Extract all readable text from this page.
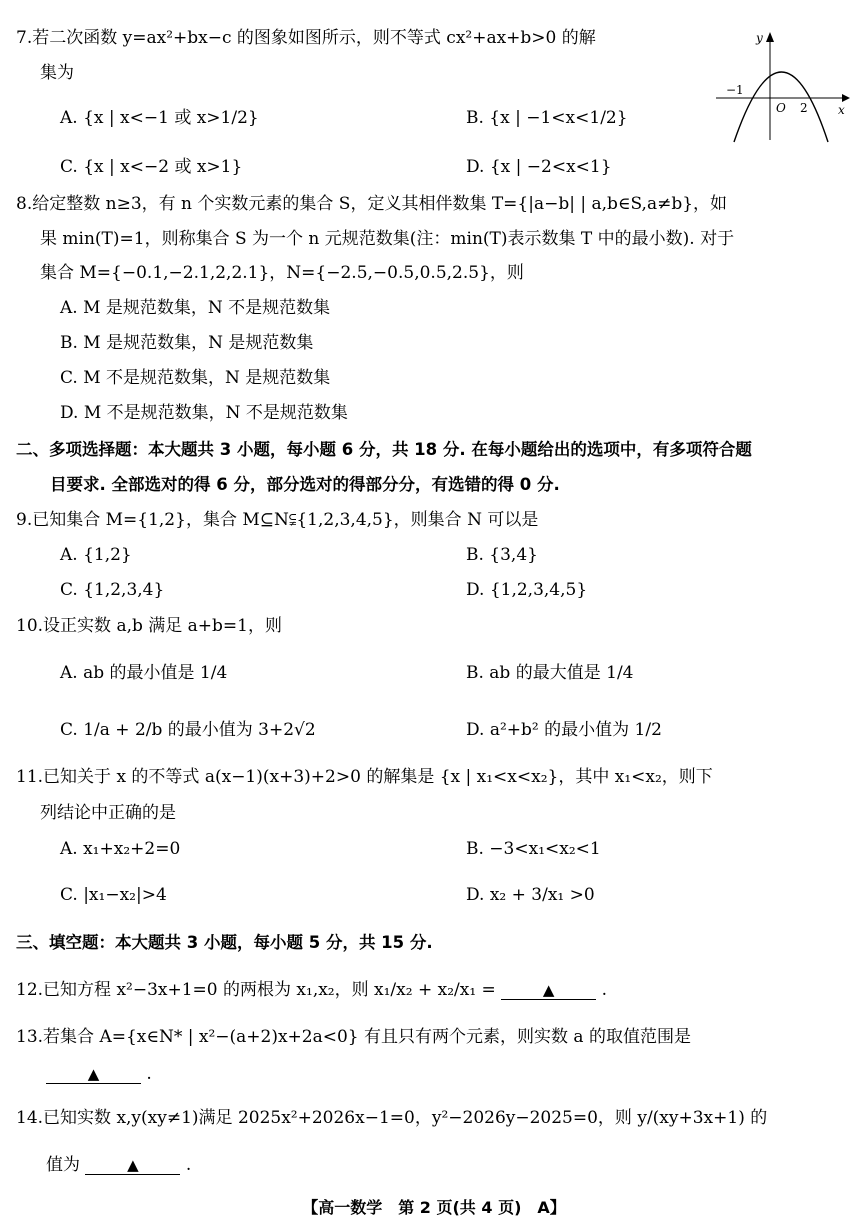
7.若二次函数 y=ax²+bx−c 的图象如图所示，则不等式 cx²+ax+b>0 的解
集为
A. {x | x<−1 或 x>1/2}	B. {x | −1<x<1/2}
C. {x | x<−2 或 x>1}	D. {x | −2<x<1}
y
x
O
−1
2
8.给定整数 n≥3，有 n 个实数元素的集合 S，定义其相伴数集 T={|a−b| | a,b∈S,a≠b}，如
果 min(T)=1，则称集合 S 为一个 n 元规范数集(注：min(T)表示数集 T 中的最小数). 对于
集合 M={−0.1,−2.1,2,2.1}，N={−2.5,−0.5,0.5,2.5}，则
A. M 是规范数集，N 不是规范数集
B. M 是规范数集，N 是规范数集
C. M 不是规范数集，N 是规范数集
D. M 不是规范数集，N 不是规范数集
二、多项选择题：本大题共 3 小题，每小题 6 分，共 18 分. 在每小题给出的选项中，有多项符合题
目要求. 全部选对的得 6 分，部分选对的得部分分，有选错的得 0 分.
9.已知集合 M={1,2}，集合 M⊆N⫋{1,2,3,4,5}，则集合 N 可以是
A. {1,2}	B. {3,4}
C. {1,2,3,4}	D. {1,2,3,4,5}
10.设正实数 a,b 满足 a+b=1，则
A. ab 的最小值是 1/4	B. ab 的最大值是 1/4
C. 1/a + 2/b 的最小值为 3+2√2	D. a²+b² 的最小值为 1/2
11.已知关于 x 的不等式 a(x−1)(x+3)+2>0 的解集是 {x | x₁<x<x₂}，其中 x₁<x₂，则下
列结论中正确的是
A. x₁+x₂+2=0	B. −3<x₁<x₂<1
C. |x₁−x₂|>4	D. x₂ + 3/x₁ >0
三、填空题：本大题共 3 小题，每小题 5 分，共 15 分.
12.已知方程 x²−3x+1=0 的两根为 x₁,x₂，则 x₁/x₂ + x₂/x₁ =	▲	.
13.若集合 A={x∈N* | x²−(a+2)x+2a<0} 有且只有两个元素，则实数 a 的取值范围是
▲	.
14.已知实数 x,y(xy≠1)满足 2025x²+2026x−1=0，y²−2026y−2025=0，则 y/(xy+3x+1) 的
值为	▲	.
【高一数学　第 2 页(共 4 页)　A】
